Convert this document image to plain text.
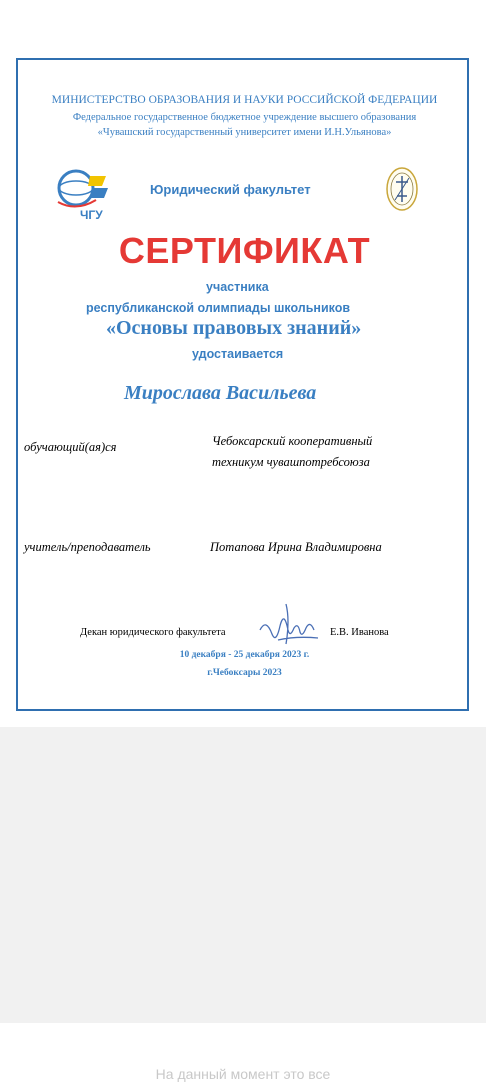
МИНИСТЕРСТВО ОБРАЗОВАНИЯ И НАУКИ РОССИЙСКОЙ ФЕДЕРАЦИИ
Федеральное государственное бюджетное учреждение высшего образования
«Чувашский государственный университет имени И.Н.Ульянова»
ЧГУ
Юридический факультет
СЕРТИФИКАТ
участника
республиканской олимпиады школьников
«Основы правовых знаний»
удостаивается
Мирослава Васильева
обучающий(ая)ся	Чебоксарский кооперативный
техникум чувашпотребсоюза
учитель/преподаватель	Потапова Ирина Владимировна
Декан юридического факультета	Е.В. Иванова
10 декабря - 25 декабря 2023 г.
г.Чебоксары 2023
На данный момент это все
